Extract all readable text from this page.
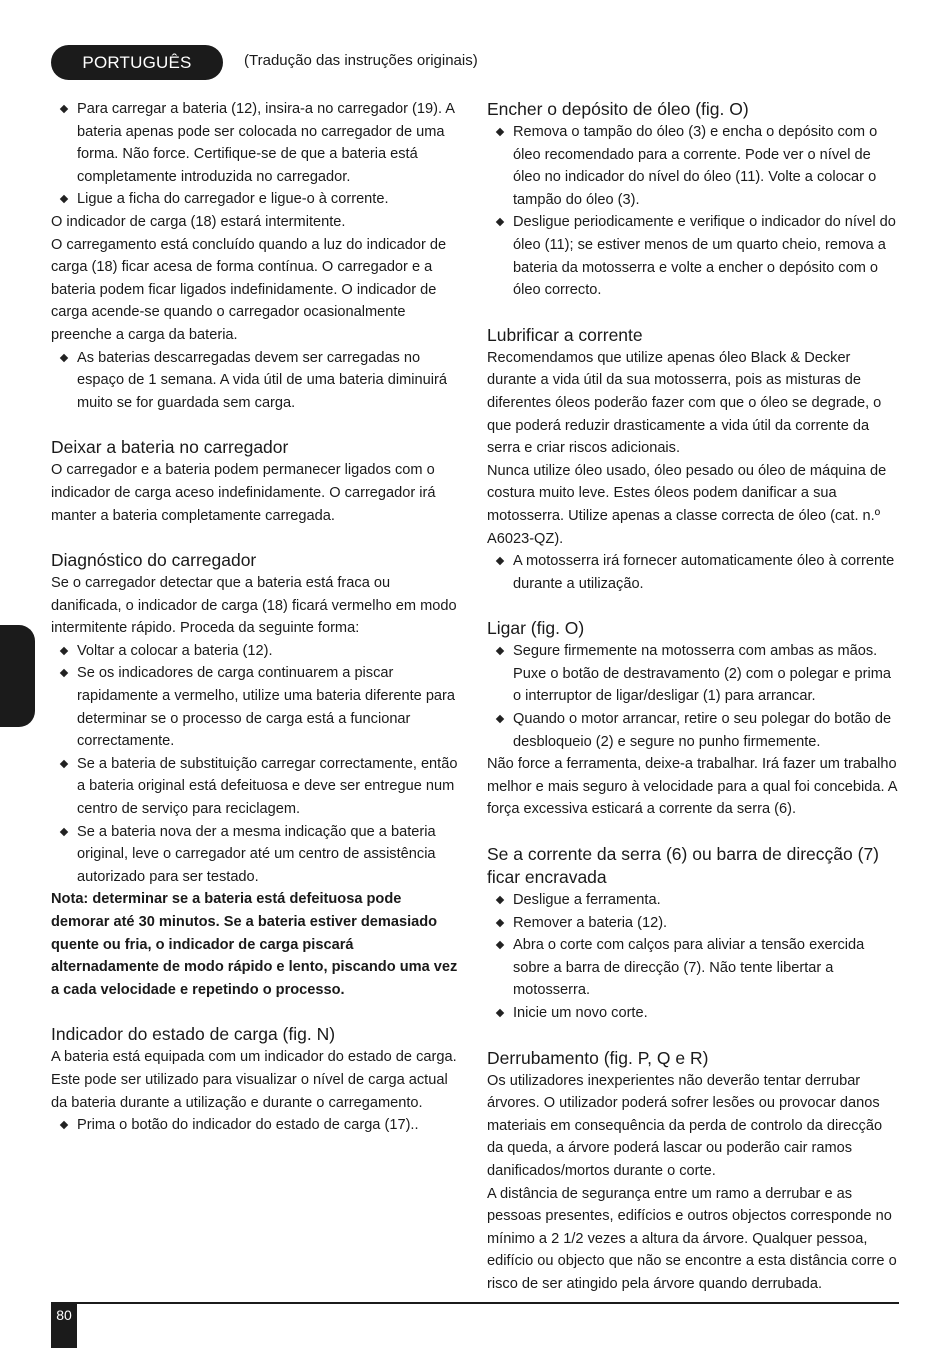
PORTUGUÊS	(Tradução das instruções originais)
Para carregar a bateria (12), insira-a no carregador (19). A bateria apenas pode ser colocada no carregador de uma forma. Não force. Certifique-se de que a bateria está completamente introduzida no carregador.
Ligue a ficha do carregador e ligue-o à corrente.

O indicador de carga (18) estará intermitente.

O carregamento está concluído quando a luz do indicador de carga (18) ficar acesa de forma contínua. O carregador e a bateria podem ficar ligados indefinidamente. O indicador de carga acende-se quando o carregador ocasionalmente preenche a carga da bateria.

As baterias descarregadas devem ser carregadas no espaço de 1 semana. A vida útil de uma bateria diminuirá muito se for guardada sem carga.
Deixar a bateria no carregador

O carregador e a bateria podem permanecer ligados com o indicador de carga aceso indefinidamente. O carregador irá manter a bateria completamente carregada.

Diagnóstico do carregador

Se o carregador detectar que a bateria está fraca ou danificada, o indicador de carga (18) ficará vermelho em modo intermitente rápido. Proceda da seguinte forma:

Voltar a colocar a bateria (12).
Se os indicadores de carga continuarem a piscar rapidamente a vermelho, utilize uma bateria diferente para determinar se o processo de carga está a funcionar correctamente.
Se a bateria de substituição carregar correctamente, então a bateria original está defeituosa e deve ser entregue num centro de serviço para reciclagem.
Se a bateria nova der a mesma indicação que a bateria original, leve o carregador até um centro de assistência autorizado para ser testado.

Nota: determinar se a bateria está defeituosa pode demorar até 30 minutos. Se a bateria estiver demasiado quente ou fria, o indicador de carga piscará alternadamente de modo rápido e lento, piscando uma vez a cada velocidade e repetindo o processo.

Indicador do estado de carga (fig. N)

A bateria está equipada com um indicador do estado de carga. Este pode ser utilizado para visualizar o nível de carga actual da bateria durante a utilização e durante o carregamento.

Prima o botão do indicador do estado de carga (17)..
Encher o depósito de óleo (fig. O)
Remova o tampão do óleo (3) e encha o depósito com o óleo recomendado para a corrente. Pode ver o nível de óleo no indicador do nível do óleo (11). Volte a colocar o tampão do óleo (3).
Desligue periodicamente e verifique o indicador do nível do óleo (11); se estiver menos de um quarto cheio, remova a bateria da motosserra e volte a encher o depósito com o óleo correcto.
Lubrificar a corrente

Recomendamos que utilize apenas óleo Black & Decker durante a vida útil da sua motosserra, pois as misturas de diferentes óleos poderão fazer com que o óleo se degrade, o que poderá reduzir drasticamente a vida útil da corrente da serra e criar riscos adicionais.

Nunca utilize óleo usado, óleo pesado ou óleo de máquina de costura muito leve. Estes óleos podem danificar a sua motosserra. Utilize apenas a classe correcta de óleo (cat. n.º A6023-QZ).

A motosserra irá fornecer automaticamente óleo à corrente durante a utilização.
Ligar (fig. O)
Segure firmemente na motosserra com ambas as mãos. Puxe o botão de destravamento (2) com o polegar e prima o interruptor de ligar/desligar (1) para arrancar.
Quando o motor arrancar, retire o seu polegar do botão de desbloqueio (2) e segure no punho firmemente.

Não force a ferramenta, deixe-a trabalhar. Irá fazer um trabalho melhor e mais seguro à velocidade para a qual foi concebida. A força excessiva esticará a corrente da serra (6).

Se a corrente da serra (6) ou barra de direcção (7) ficar encravada
Desligue a ferramenta.
Remover a bateria (12).
Abra o corte com calços para aliviar a tensão exercida sobre a barra de direcção (7). Não tente libertar a motosserra.
Inicie um novo corte.
Derrubamento (fig. P, Q e R)

Os utilizadores inexperientes não deverão tentar derrubar árvores. O utilizador poderá sofrer lesões ou provocar danos materiais em consequência da perda de controlo da direcção da queda, a árvore poderá lascar ou poderão cair ramos danificados/mortos durante o corte.

A distância de segurança entre um ramo a derrubar e as pessoas presentes, edifícios e outros objectos corresponde no mínimo a 2 1/2 vezes a altura da árvore. Qualquer pessoa, edifício ou objecto que não se encontre a esta distância corre o risco de ser atingido pela árvore quando derrubada.

80
